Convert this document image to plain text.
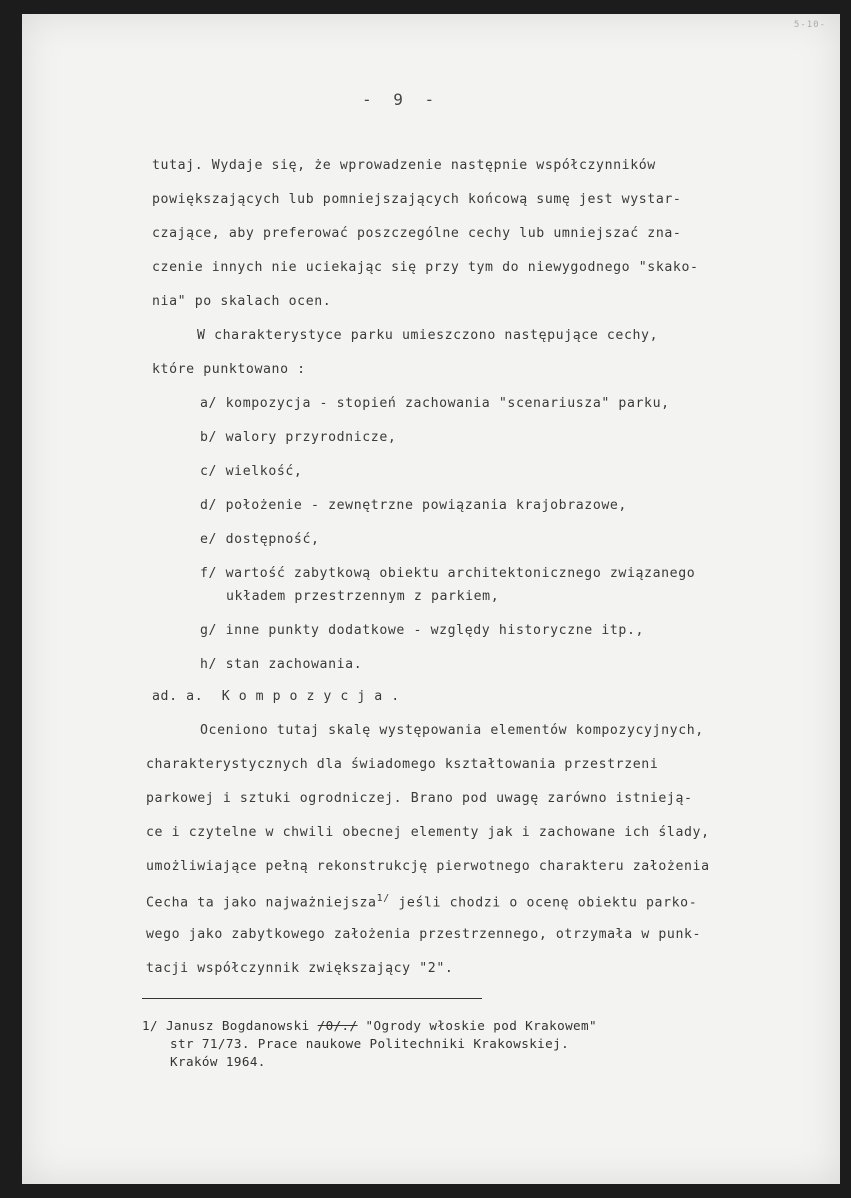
5-10-
- 9 -
tutaj. Wydaje się, że wprowadzenie następnie współczynników
powiększających lub pomniejszających końcową sumę jest wystar-
czające, aby preferować poszczególne cechy lub umniejszać zna-
czenie innych nie uciekając się przy tym do niewygodnego "skako-
nia" po skalach ocen.
W charakterystyce parku umieszczono następujące cechy,
które punktowano :
a/ kompozycja - stopień zachowania "scenariusza" parku,
b/ walory przyrodnicze,
c/ wielkość,
d/ położenie - zewnętrzne powiązania krajobrazowe,
e/ dostępność,
f/ wartość zabytkową obiektu architektonicznego związanego
układem przestrzennym z parkiem,
g/ inne punkty dodatkowe - względy historyczne itp.,
h/ stan zachowania.
ad. a. Kompozycja.
Oceniono tutaj skalę występowania elementów kompozycyjnych,
charakterystycznych dla świadomego kształtowania przestrzeni
parkowej i sztuki ogrodniczej. Brano pod uwagę zarówno istnieją-
ce i czytelne w chwili obecnej elementy jak i zachowane ich ślady,
umożliwiające pełną rekonstrukcję pierwotnego charakteru założenia
Cecha ta jako najważniejsza$^{1/}$ jeśli chodzi o ocenę obiektu parko-
wego jako zabytkowego założenia przestrzennego, otrzymała w punk-
tacji współczynnik zwiększający "2".
1/ Janusz Bogdanowski /0/./ "Ogrody włoskie pod Krakowem"
str 71/73. Prace naukowe Politechniki Krakowskiej.
Kraków 1964.
